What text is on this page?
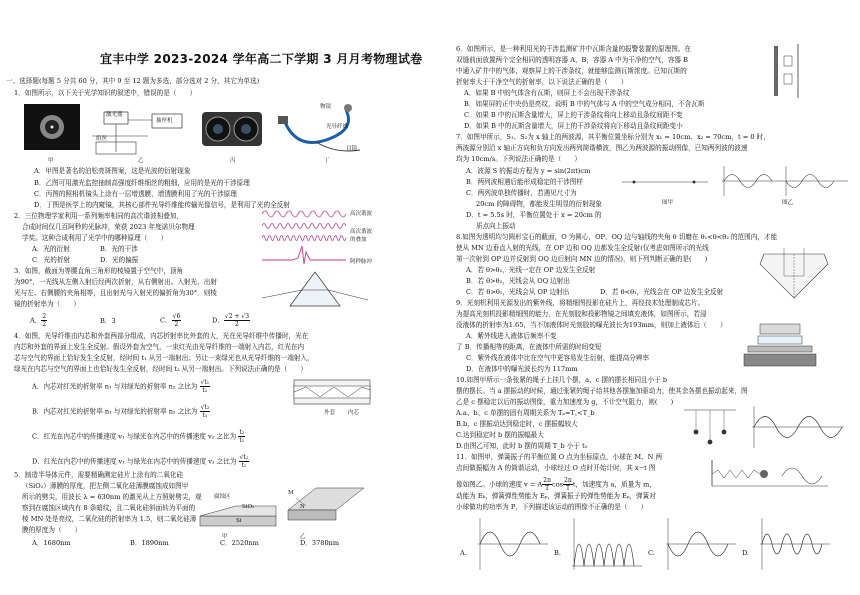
宜丰中学 2023-2024 学年高二下学期 3 月月考物理试卷
一、选择题(每题 5 分共 60 分，其中 9 至 12 题为多选，部分选对 2 分，其它为单选)
1．如图所示，以下关于光学知识的叙述中，错误的是（　　）
甲
激光器
组丝
抽丝机
乙	丙
物镜
光导纤维
目镜
丁
A．甲图是著名的泊松亮斑图案，这是光波的衍射现象
B．乙图可用激光监控抽制高强度纤维细丝的粗细，应用的是光的干涉原理
C．丙图的照相机镜头上涂有一层增透膜，增透膜利用了光的干涉原理
D．丁图是医学上的内窥镜，其核心部件光导纤维能传输光像信号，是利用了光的全反射
2．三位物理学家利用一系列频率相同的高次谐波相叠加，
合成时间仅几百阿秒的光脉冲，荣获 2023 年度诺贝尔物理
学奖。这种合成利用了光学中的哪种原理（　　）
A．光的衍射	B．光的干涉
C．光的折射	D．光的偏振
高次谐波
高次谐波
的叠加
阿秒脉冲
3．如图，截面为等腰直角三角形的棱镜置于空气中，顶角
为90°，一光线从左侧入射后经两次折射，从右侧射出。入射光、出射
光与左、右侧腰的夹角相等，且出射光与入射光的偏折角为30°．则棱
镜的折射率为（　　）
A． $\frac{2}{2}$	B．3	C． $\frac{√6}{2}$	D． $\frac{√2 + √3}{2}$
4．如图，光导纤维由内芯和外套两部分组成，内芯折射率比外套的大，光在光导纤维中传播时，光在
内芯和外套的界面上发生全反射。假设外套为空气，一束红光由光导纤维的一端射入内芯，红光在内
芯与空气的界面上恰好发生全反射，经时间 t₁ 从另一端射出；另让一束绿光也从光导纤维的一端射入，
绿光在内芯与空气的界面上也恰好发生全反射，经时间 t₂ 从另一端射出。下列说法正确的是（　　）
A．内芯对红光的折射率 n₁ 与对绿光的折射率 n₂ 之比为 $\frac{\text{√t₁}}{\text{t₂}}$
B．内芯对红光的折射率 n₁ 与对绿光的折射率 n₂ 之比为 $\frac{\text{√t₂}}{\text{t₁}}$
C．红光在内芯中的传播速度 v₁ 与绿光在内芯中的传播速度 v₂ 之比为 $\frac{\text{t₂}}{\text{t₁}}$
D．红光在内芯中的传播速度 v₁ 与绿光在内芯中的传播速度 v₂ 之比为 $\frac{\text{√t₂}}{\text{t₁}}$
外套 内芯
5．制造半导体元件，需要精确测定硅片上涂有的二氧化硅
（SiO₂）薄膜的厚度，把左侧二氧化硅薄膜腐蚀成如图甲
所示的劈尖，用波长 λ = 630nm 的激光从上方照射劈尖，观
察到在腐蚀区域内有 8 条暗纹，且二氧化硅斜面转为平面的
棱 MN 处是亮纹，二氧化硅的折射率为 1.5，则二氧化硅薄
膜的厚度为（　　）
腐蚀区
SiO₂
Si
甲	乙
M
N
A．1680nm	B．1890nm	C．2520nm	D．3780nm
6．如图所示，是一种利用光的干涉监测矿井中瓦斯含量的报警装置的原理图。在
双缝前面放置两个完全相同的透明容器 A、B，容器 A 中为干净的空气，容器 B
中通入矿井中的气体，观察屏上的干涉条纹，就能够监测瓦斯浓度。已知瓦斯的
折射率大于干净空气的折射率，以下说法正确的是（　　）
A．如果 B 中的气体含有瓦斯，则屏上不会出现干涉条纹
B．如果屏的正中央仍是亮纹，说明 B 中的气体与 A 中的空气成分相同，不含瓦斯
C．如果 B 中的瓦斯含量增大，屏上的干涉条纹将向上移动且条纹间距不变
D．如果 B 中的瓦斯含量增大，屏上的干涉条纹将向下移动且条纹间距变小
7．如图甲所示，S₁、S₂为 x 轴上的两波源，其平衡位置坐标分别为 x₁ = 10cm、x₂ = 70cm，t = 0 时，
两波源分别沿 x 轴正方向和负方向发出两列简谐横波，图乙为两波源的振动图像，已知两列波的波速
均为 10cm/s。下列说法正确的是（　　）
A．波源 S 的振动方程为 y = sin(2πt)cm
B．两列波相遇后能形成稳定的干涉图样
C．两列波单独传播时，若遇见尺寸为
20cm 的障碍物，都能发生明显的衍射现象
D．t = 5.5s 时，平衡位置处于 x = 20cm 的
质点向上振动
图甲	图乙
8.如图为透明均匀圆形宝石的截面，O 为圆心，OP、OQ 边与轴线的夹角 θ 切磨在 θ₁<θ<θ₂ 的范围内，才能
使从 MN 边垂直入射的光线，在 OP 边和 OQ 边都发生全反射(仅考虑如图所示的光线
第一次射到 OP 边并反射到 OQ 边后射向 MN 边的情况)，则下列判断正确的是(　　)
A．若 θ>θ₂，光线一定在 OP 边发生全反射
B．若 θ>θ₂，光线会从 OQ 边射出
C．若 θ>θ₁，光线会从 OP 边射出	D．若 θ<θ₁，光线会在 OP 边发生全反射
9．光刻机利用光源发出的紫外线，将精细图投影在硅片上，再经技术处理制成芯片。
为提高光刻机投影精细图的能力，在光刻胶和投影物镜之间填充液体，如图所示，若浸
没液体的折射率为1.65，当不加液体时光刻胶的曝光波长为193mm，则加上液体后（　　）
A．紫外线进入液体后频率不变
了 B．传播相等的距离，在液体中所需的时间变短
C．紫外线在液体中比在空气中更容易发生衍射，能提高分辨率
D．在液体中的曝光波长约为 117mm
10.如图甲所示一条张紧的绳子上挂几个摆，a、c 摆的摆长相同且小于 b
摆的摆长。当 a 摆振动的时候，通过张紧的绳子给其他各摆施加驱动力，使其余各摆也振动起来，图
乙是 c 摆稳定以后的振动图像，重力加速度为 g，不计空气阻力，则(　　)
A.a、b、c 单摆的固有周期关系为 Tₐ=T꜀<T_b
B.b、c 摆振动达到稳定时，c 摆振幅较大
C.达到稳定时 b 摆的振幅最大
D.由图乙可知，此时 b 摆的周期 T_b 小于 t₀
11．如图甲，弹簧振子的平衡位置 O 点为坐标原点，小球在 M、N 两
点间做振幅为 A 的简谐运动，小球经过 O 点时开始计时，其 x−t 图
像如图乙。小球的速度 v = A $\frac{2\pi}{T}$ $\cos \frac{2\pi}{T}$ t，加速度为 a，质量为 m，
动能为 Eₖ，弹簧弹性势能为 Eₚ，弹簧振子的弹性势能为 Eₚ，弹簧对
小球做功的功率为 P，下列描述该运动的图像不正确的是（　　）
A.	B.	C.	D.
